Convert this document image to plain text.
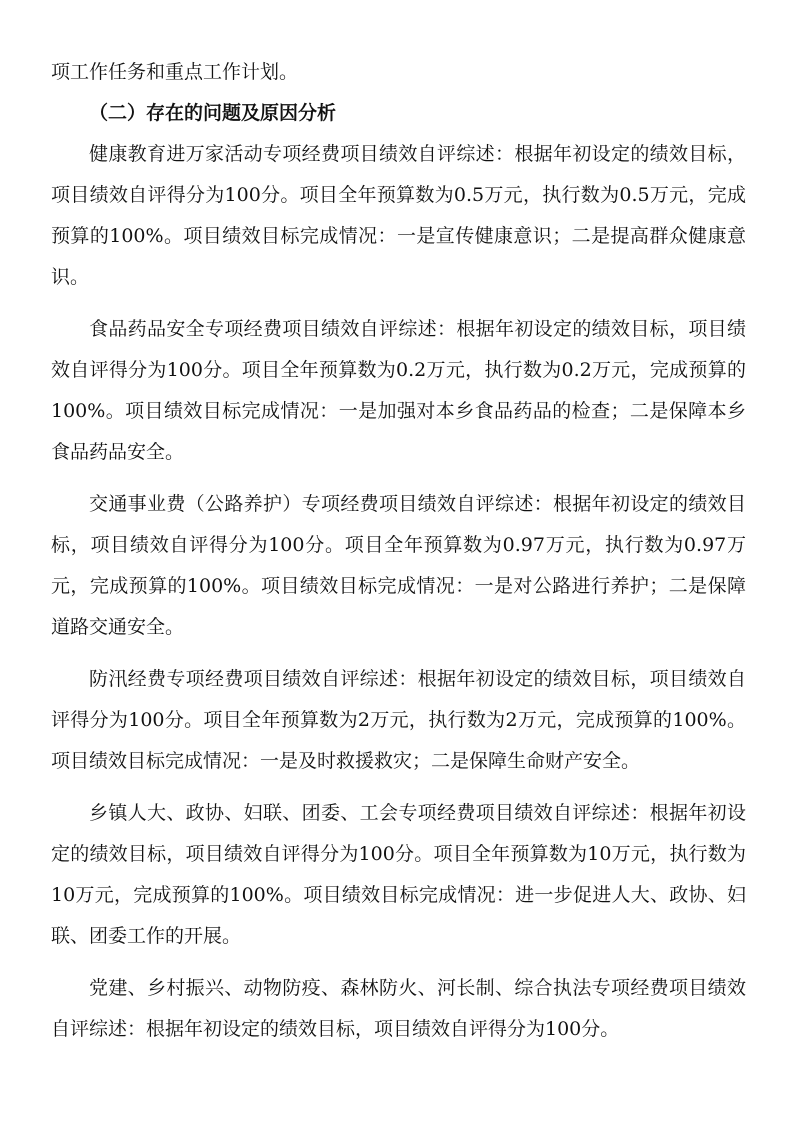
项工作任务和重点工作计划。

（二）存在的问题及原因分析

健康教育进万家活动专项经费项目绩效自评综述：根据年初设定的绩效目标，项目绩效自评得分为100分。项目全年预算数为0.5万元，执行数为0.5万元，完成预算的100%。项目绩效目标完成情况：一是宣传健康意识；二是提高群众健康意识。

食品药品安全专项经费项目绩效自评综述：根据年初设定的绩效目标，项目绩效自评得分为100分。项目全年预算数为0.2万元，执行数为0.2万元，完成预算的100%。项目绩效目标完成情况：一是加强对本乡食品药品的检查；二是保障本乡食品药品安全。

交通事业费（公路养护）专项经费项目绩效自评综述：根据年初设定的绩效目标，项目绩效自评得分为100分。项目全年预算数为0.97万元，执行数为0.97万元，完成预算的100%。项目绩效目标完成情况：一是对公路进行养护；二是保障道路交通安全。

防汛经费专项经费项目绩效自评综述：根据年初设定的绩效目标，项目绩效自评得分为100分。项目全年预算数为2万元，执行数为2万元，完成预算的100%。项目绩效目标完成情况：一是及时救援救灾；二是保障生命财产安全。

乡镇人大、政协、妇联、团委、工会专项经费项目绩效自评综述：根据年初设定的绩效目标，项目绩效自评得分为100分。项目全年预算数为10万元，执行数为10万元，完成预算的100%。项目绩效目标完成情况：进一步促进人大、政协、妇联、团委工作的开展。

党建、乡村振兴、动物防疫、森林防火、河长制、综合执法专项经费项目绩效自评综述：根据年初设定的绩效目标，项目绩效自评得分为100分。
